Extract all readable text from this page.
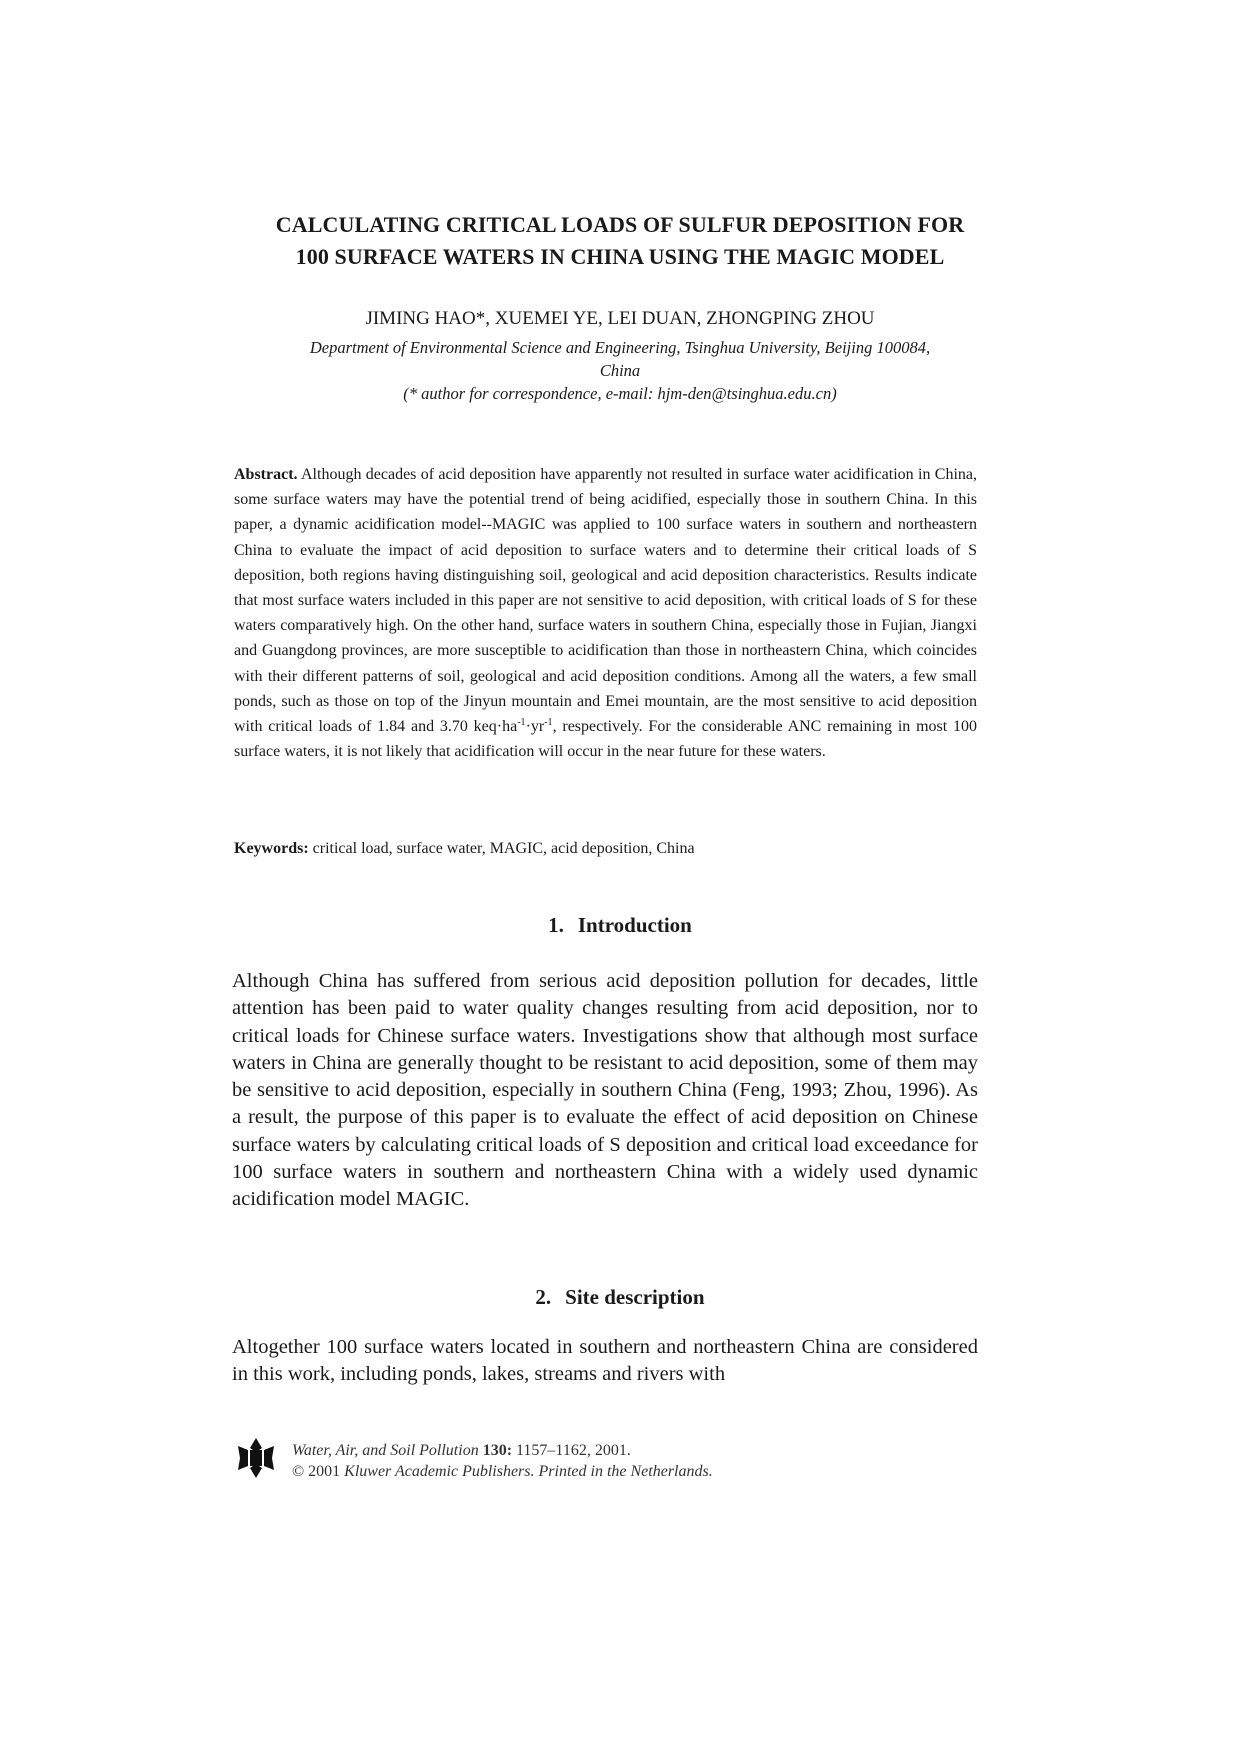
CALCULATING CRITICAL LOADS OF SULFUR DEPOSITION FOR
100 SURFACE WATERS IN CHINA USING THE MAGIC MODEL
JIMING HAO*, XUEMEI YE, LEI DUAN, ZHONGPING ZHOU
Department of Environmental Science and Engineering, Tsinghua University, Beijing 100084,
China
(* author for correspondence, e-mail: hjm-den@tsinghua.edu.cn)
Abstract. Although decades of acid deposition have apparently not resulted in surface water acidification in China, some surface waters may have the potential trend of being acidified, especially those in southern China. In this paper, a dynamic acidification model--MAGIC was applied to 100 surface waters in southern and northeastern China to evaluate the impact of acid deposition to surface waters and to determine their critical loads of S deposition, both regions having distinguishing soil, geological and acid deposition characteristics. Results indicate that most surface waters included in this paper are not sensitive to acid deposition, with critical loads of S for these waters comparatively high. On the other hand, surface waters in southern China, especially those in Fujian, Jiangxi and Guangdong provinces, are more susceptible to acidification than those in northeastern China, which coincides with their different patterns of soil, geological and acid deposition conditions. Among all the waters, a few small ponds, such as those on top of the Jinyun mountain and Emei mountain, are the most sensitive to acid deposition with critical loads of 1.84 and 3.70 $keq\cdot ha^{-1}\cdot yr^{-1}$, respectively. For the considerable ANC remaining in most 100 surface waters, it is not likely that acidification will occur in the near future for these waters.
Keywords: critical load, surface water, MAGIC, acid deposition, China
1. Introduction
Although China has suffered from serious acid deposition pollution for decades, little attention has been paid to water quality changes resulting from acid deposition, nor to critical loads for Chinese surface waters. Investigations show that although most surface waters in China are generally thought to be resistant to acid deposition, some of them may be sensitive to acid deposition, especially in southern China (Feng, 1993; Zhou, 1996). As a result, the purpose of this paper is to evaluate the effect of acid deposition on Chinese surface waters by calculating critical loads of S deposition and critical load exceedance for 100 surface waters in southern and northeastern China with a widely used dynamic acidification model MAGIC.
2. Site description
Altogether 100 surface waters located in southern and northeastern China are considered in this work, including ponds, lakes, streams and rivers with
Water, Air, and Soil Pollution 130: 1157–1162, 2001.
© 2001 Kluwer Academic Publishers. Printed in the Netherlands.
